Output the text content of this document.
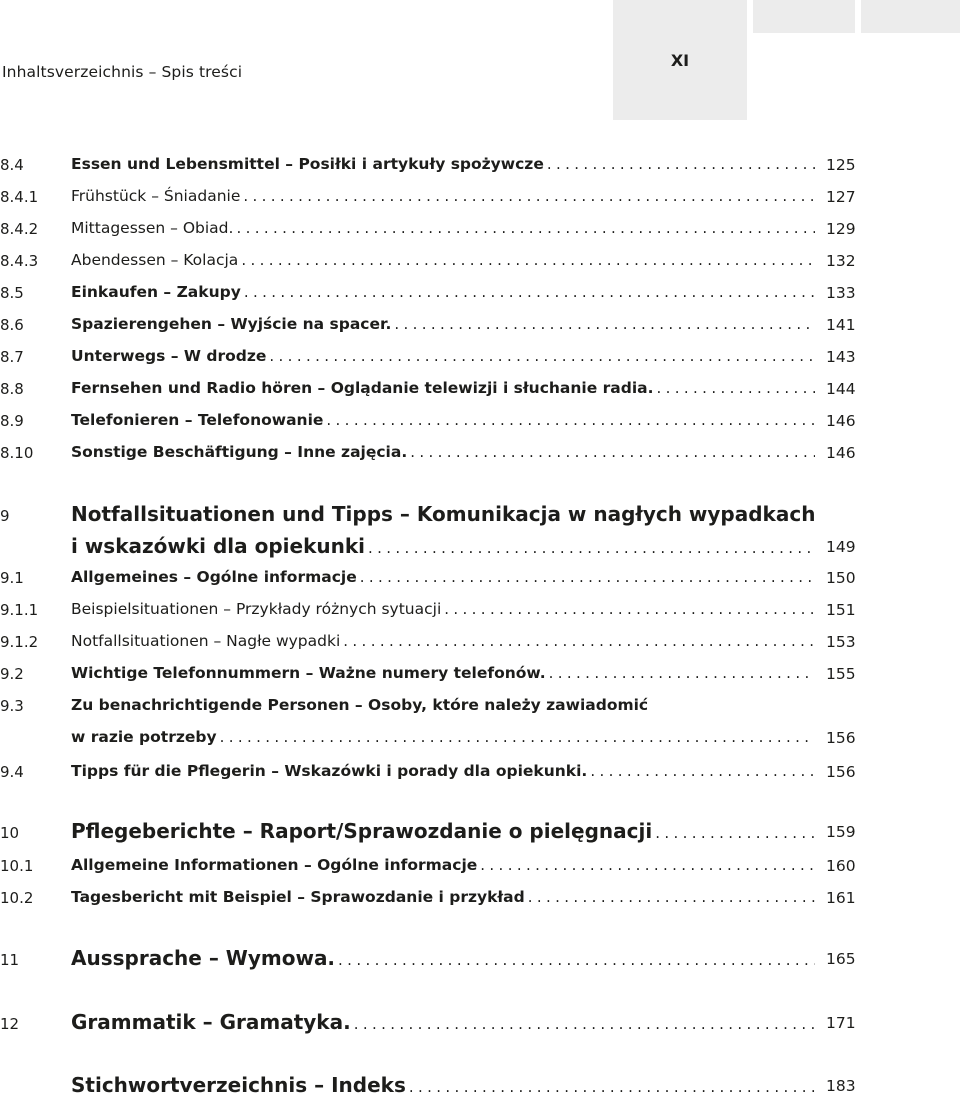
Inhaltsverzeichnis – Spis treści
XI
8.4	Essen und Lebensmittel – Posiłki i artykuły spożywcze . . .	125
8.4.1 Frühstück – Śniadanie . . .	127
8.4.2 Mittagessen – Obiad. . . .	129
8.4.3 Abendessen – Kolacja . . .	132
8.5	Einkaufen – Zakupy . . .	133
8.6	Spazierengehen – Wyjście na spacer. . . .	141
8.7	Unterwegs – W drodze . . .	143
8.8	Fernsehen und Radio hören – Oglądanie telewizji i słuchanie radia. . . .	144
8.9	Telefonieren – Telefonowanie . . .	146
8.10 Sonstige Beschäftigung – Inne zajęcia. . . .	146
9	Notfallsituationen und Tipps – Komunikacja w nagłych wypadkach
i wskazówki dla opiekunki . . .	149
9.1	Allgemeines – Ogólne informacje . . .	150
9.1.1 Beispielsituationen – Przykłady różnych sytuacji . . .	151
9.1.2 Notfallsituationen – Nagłe wypadki . . .	153
9.2	Wichtige Telefonnummern – Ważne numery telefonów. . . .	155
9.3	Zu benachrichtigende Personen – Osoby, które należy zawiadomić
w razie potrzeby . . .	156
9.4	Tipps für die Pflegerin – Wskazówki i porady dla opiekunki. . . .	156
10	Pflegeberichte – Raport/Sprawozdanie o pielęgnacji . . .	159
10.1 Allgemeine Informationen – Ogólne informacje . . .	160
10.2 Tagesbericht mit Beispiel – Sprawozdanie i przykład . . .	161
11	Aussprache – Wymowa. . . .	165
12	Grammatik – Gramatyka. . . .	171
Stichwortverzeichnis – Indeks . . .	183
